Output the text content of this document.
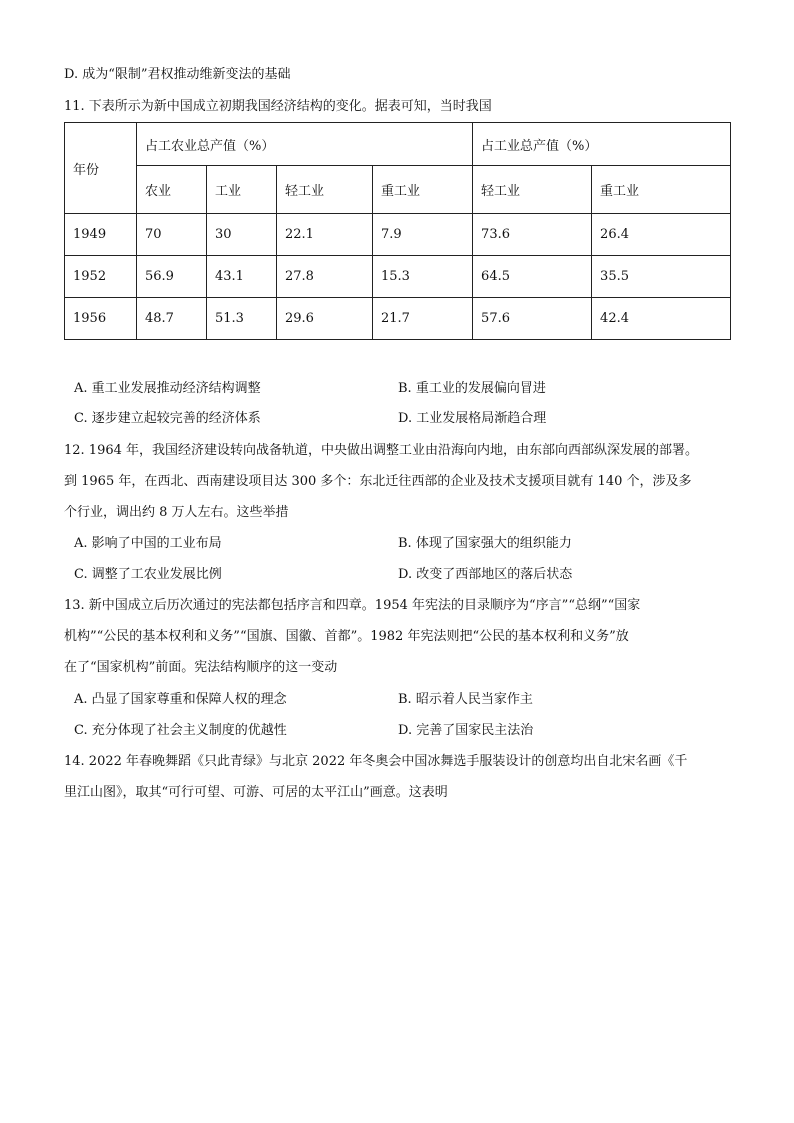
D. 成为“限制”君权推动维新变法的基础
11. 下表所示为新中国成立初期我国经济结构的变化。据表可知，当时我国
年份	占工农业总产值（%）				占工业总产值（%）	
	农业	工业	轻工业	重工业	轻工业	重工业
1949	70	30	22.1	7.9	73.6	26.4
1952	56.9	43.1	27.8	15.3	64.5	35.5
1956	48.7	51.3	29.6	21.7	57.6	42.4
A. 重工业发展推动经济结构调整	B. 重工业的发展偏向冒进
C. 逐步建立起较完善的经济体系	D. 工业发展格局渐趋合理
12. 1964 年，我国经济建设转向战备轨道，中央做出调整工业由沿海向内地，由东部向西部纵深发展的部署。
到 1965 年，在西北、西南建设项目达 300 多个：东北迁往西部的企业及技术支援项目就有 140 个，涉及多
个行业，调出约 8 万人左右。这些举措
A. 影响了中国的工业布局	B. 体现了国家强大的组织能力
C. 调整了工农业发展比例	D. 改变了西部地区的落后状态
13. 新中国成立后历次通过的宪法都包括序言和四章。1954 年宪法的目录顺序为“序言”“总纲”“国家
机构”“公民的基本权利和义务”“国旗、国徽、首都”。1982 年宪法则把“公民的基本权利和义务”放
在了“国家机构”前面。宪法结构顺序的这一变动
A. 凸显了国家尊重和保障人权的理念	B. 昭示着人民当家作主
C. 充分体现了社会主义制度的优越性	D. 完善了国家民主法治
14. 2022 年春晚舞蹈《只此青绿》与北京 2022 年冬奥会中国冰舞选手服装设计的创意均出自北宋名画《千
里江山图》，取其“可行可望、可游、可居的太平江山”画意。这表明
